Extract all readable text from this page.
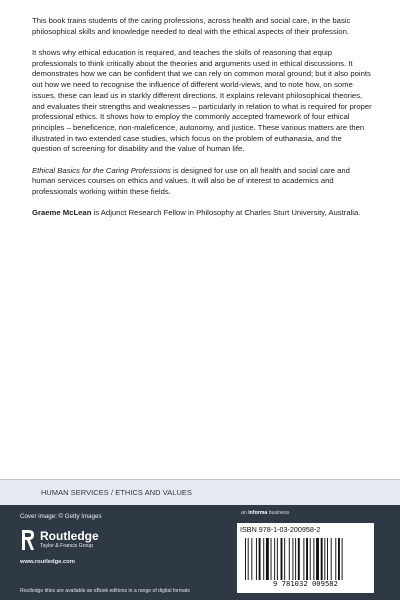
This book trains students of the caring professions, across health and social care, in the basic philosophical skills and knowledge needed to deal with the ethical aspects of their profession.

It shows why ethical education is required, and teaches the skills of reasoning that equip professionals to think critically about the theories and arguments used in ethical discussions. It demonstrates how we can be confident that we can rely on common moral ground; but it also points out how we need to recognise the influence of different world-views, and to note how, on some issues, these can lead us in starkly different directions. It explains relevant philosophical theories, and evaluates their strengths and weaknesses – particularly in relation to what is required for proper professional ethics. It shows how to employ the commonly accepted framework of four ethical principles – beneficence, non-maleficence, autonomy, and justice. These various matters are then illustrated in two extended case studies, which focus on the problem of euthanasia, and the question of screening for disability and the value of human life.

Ethical Basics for the Caring Professions is designed for use on all health and social care and human services courses on ethics and values. It will also be of interest to academics and professionals working within these fields.

Graeme McLean is Adjunct Research Fellow in Philosophy at Charles Sturt University, Australia.

HUMAN SERVICES / ETHICS AND VALUES
Cover image: © Getty Images
Routledge
Taylor & Francis Group
www.routledge.com
Routledge titles are available as eBook editions in a range of digital formats
an informa business
ISBN 978-1-03-200958-2
9 781032 009582
